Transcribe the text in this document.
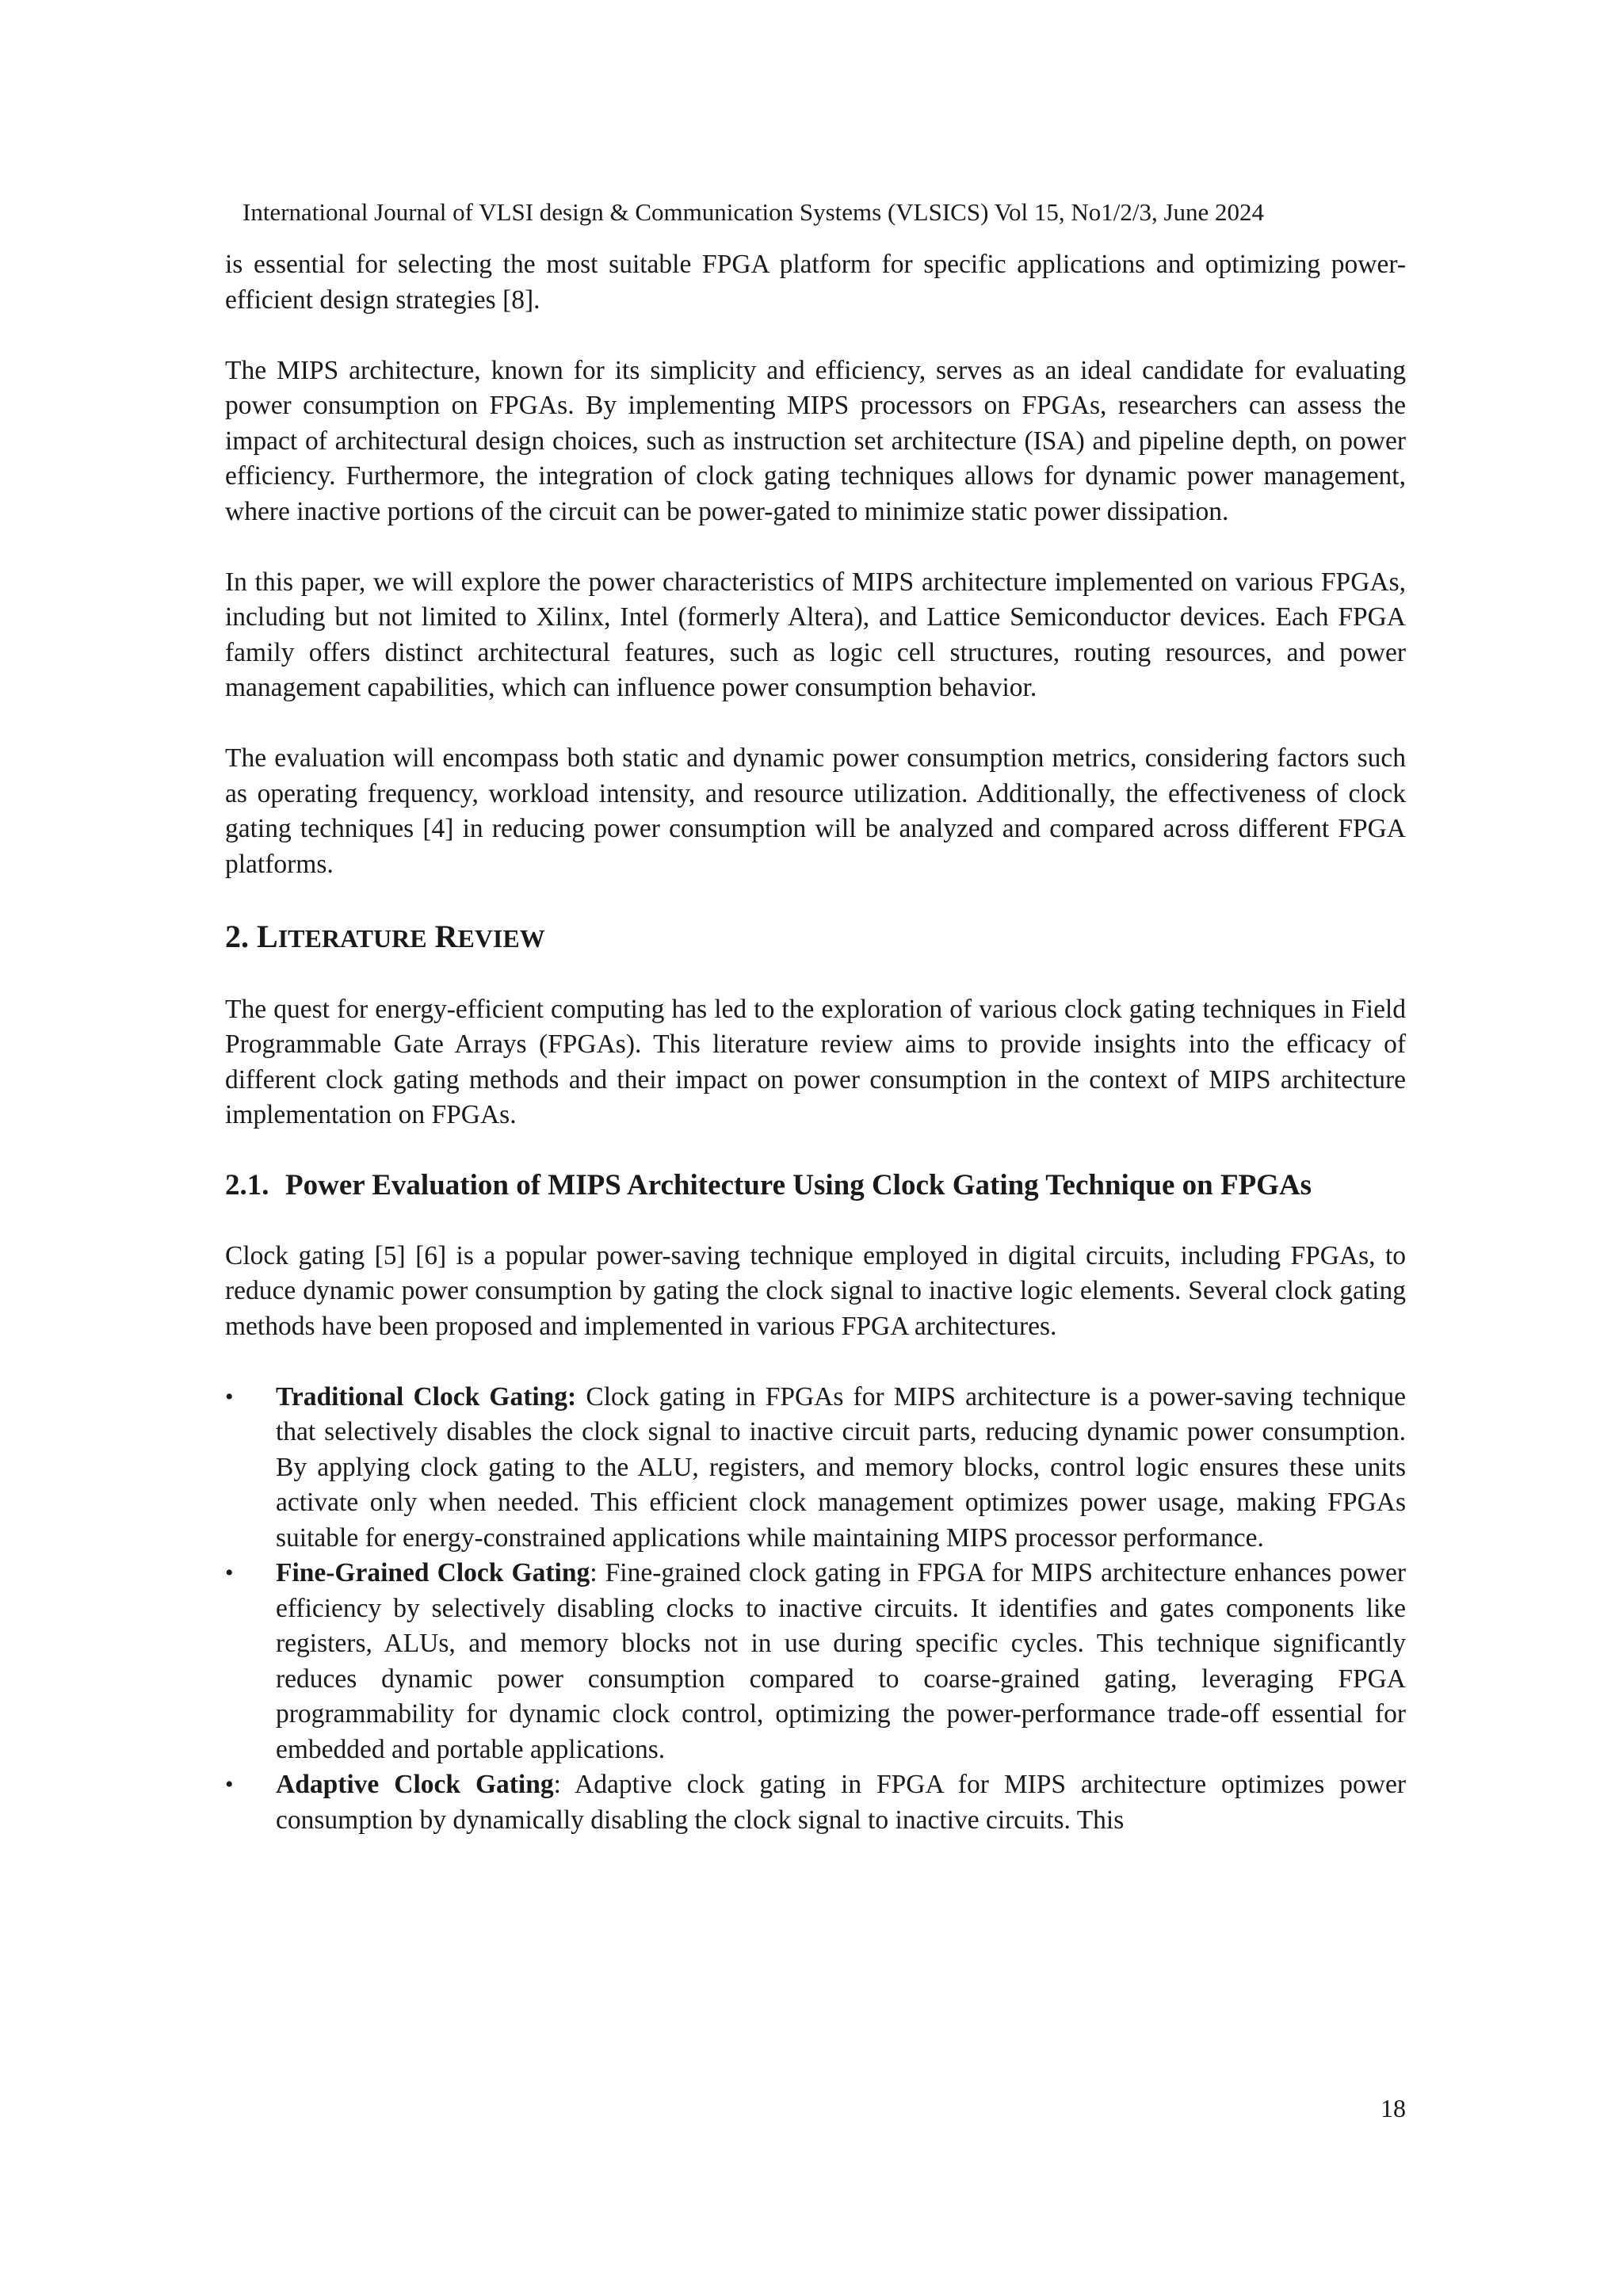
International Journal of VLSI design & Communication Systems (VLSICS) Vol 15, No1/2/3, June 2024

is essential for selecting the most suitable FPGA platform for specific applications and optimizing power-efficient design strategies [8].

The MIPS architecture, known for its simplicity and efficiency, serves as an ideal candidate for evaluating power consumption on FPGAs. By implementing MIPS processors on FPGAs, researchers can assess the impact of architectural design choices, such as instruction set architecture (ISA) and pipeline depth, on power efficiency. Furthermore, the integration of clock gating techniques allows for dynamic power management, where inactive portions of the circuit can be power-gated to minimize static power dissipation.

In this paper, we will explore the power characteristics of MIPS architecture implemented on various FPGAs, including but not limited to Xilinx, Intel (formerly Altera), and Lattice Semiconductor devices. Each FPGA family offers distinct architectural features, such as logic cell structures, routing resources, and power management capabilities, which can influence power consumption behavior.

The evaluation will encompass both static and dynamic power consumption metrics, considering factors such as operating frequency, workload intensity, and resource utilization. Additionally, the effectiveness of clock gating techniques [4] in reducing power consumption will be analyzed and compared across different FPGA platforms.

2. LITERATURE REVIEW

The quest for energy-efficient computing has led to the exploration of various clock gating techniques in Field Programmable Gate Arrays (FPGAs). This literature review aims to provide insights into the efficacy of different clock gating methods and their impact on power consumption in the context of MIPS architecture implementation on FPGAs.

2.1. Power Evaluation of MIPS Architecture Using Clock Gating Technique on FPGAs

Clock gating [5] [6] is a popular power-saving technique employed in digital circuits, including FPGAs, to reduce dynamic power consumption by gating the clock signal to inactive logic elements. Several clock gating methods have been proposed and implemented in various FPGA architectures.

• Traditional Clock Gating: Clock gating in FPGAs for MIPS architecture is a power-saving technique that selectively disables the clock signal to inactive circuit parts, reducing dynamic power consumption. By applying clock gating to the ALU, registers, and memory blocks, control logic ensures these units activate only when needed. This efficient clock management optimizes power usage, making FPGAs suitable for energy-constrained applications while maintaining MIPS processor performance.
• Fine-Grained Clock Gating: Fine-grained clock gating in FPGA for MIPS architecture enhances power efficiency by selectively disabling clocks to inactive circuits. It identifies and gates components like registers, ALUs, and memory blocks not in use during specific cycles. This technique significantly reduces dynamic power consumption compared to coarse-grained gating, leveraging FPGA programmability for dynamic clock control, optimizing the power-performance trade-off essential for embedded and portable applications.
• Adaptive Clock Gating: Adaptive clock gating in FPGA for MIPS architecture optimizes power consumption by dynamically disabling the clock signal to inactive circuits. This
18
